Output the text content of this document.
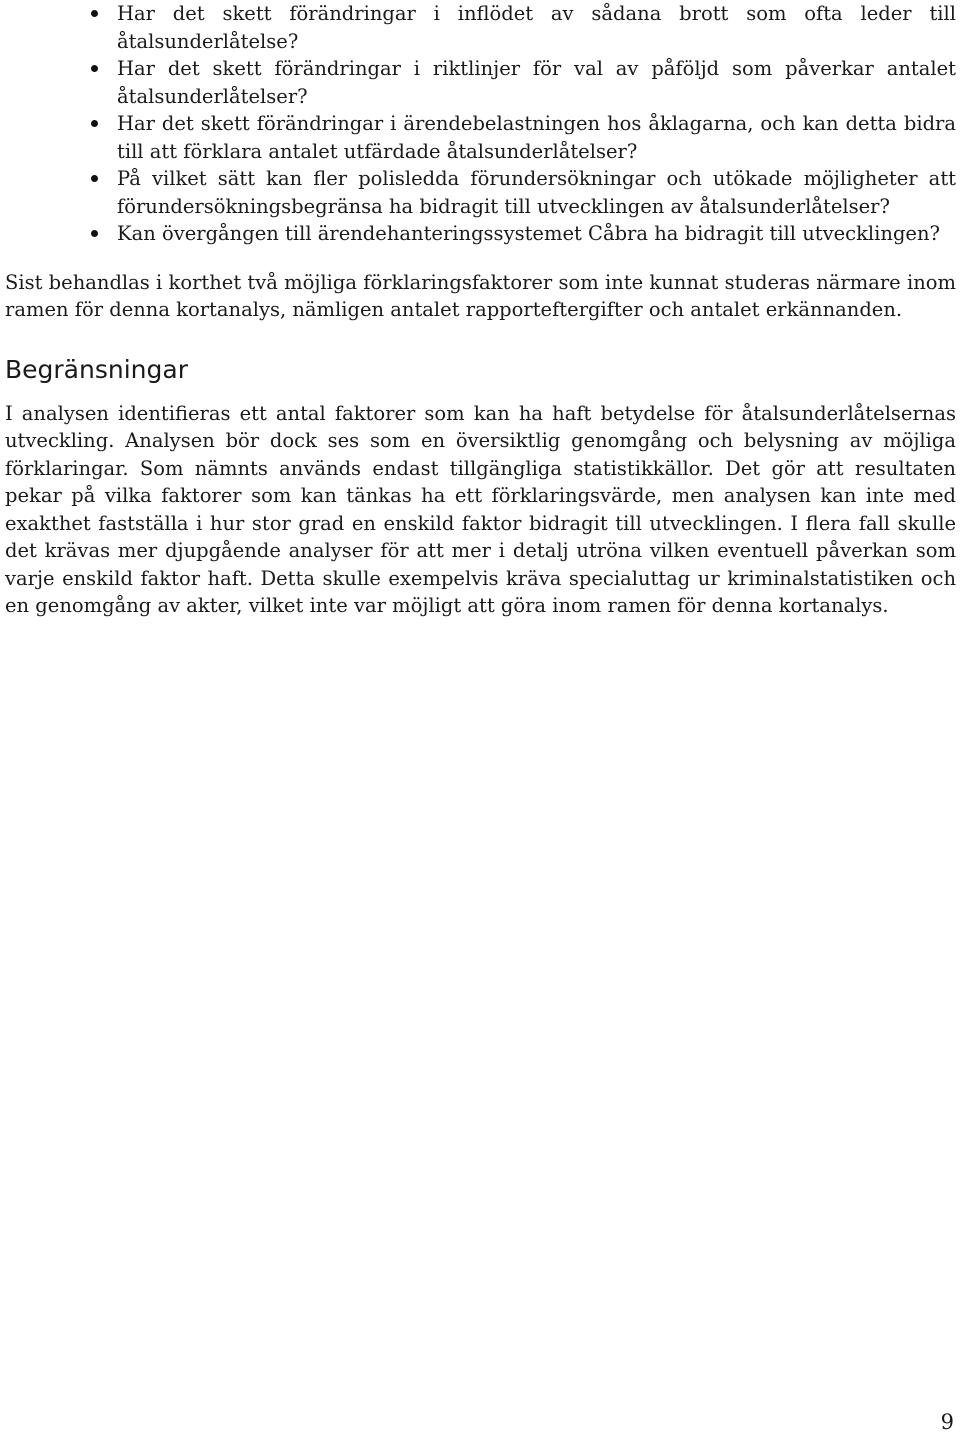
Har det skett förändringar i inflödet av sådana brott som ofta leder till åtalsunderlåtelse?
Har det skett förändringar i riktlinjer för val av påföljd som påverkar antalet åtalsunderlåtelser?
Har det skett förändringar i ärendebelastningen hos åklagarna, och kan detta bidra till att förklara antalet utfärdade åtalsunderlåtelser?
På vilket sätt kan fler polisledda förundersökningar och utökade möjligheter att förundersökningsbegränsa ha bidragit till utvecklingen av åtalsunderlåtelser?
Kan övergången till ärendehanteringssystemet Cåbra ha bidragit till utvecklingen?

Sist behandlas i korthet två möjliga förklaringsfaktorer som inte kunnat studeras närmare inom ramen för denna kortanalys, nämligen antalet rapporteftergifter och antalet erkännanden.

Begränsningar

I analysen identifieras ett antal faktorer som kan ha haft betydelse för åtalsunderlåtelsernas utveckling. Analysen bör dock ses som en översiktlig genomgång och belysning av möjliga förklaringar. Som nämnts används endast tillgängliga statistikkällor. Det gör att resultaten pekar på vilka faktorer som kan tänkas ha ett förklaringsvärde, men analysen kan inte med exakthet fastställa i hur stor grad en enskild faktor bidragit till utvecklingen. I flera fall skulle det krävas mer djupgående analyser för att mer i detalj utröna vilken eventuell påverkan som varje enskild faktor haft. Detta skulle exempelvis kräva specialuttag ur kriminalstatistiken och en genomgång av akter, vilket inte var möjligt att göra inom ramen för denna kortanalys.

9
